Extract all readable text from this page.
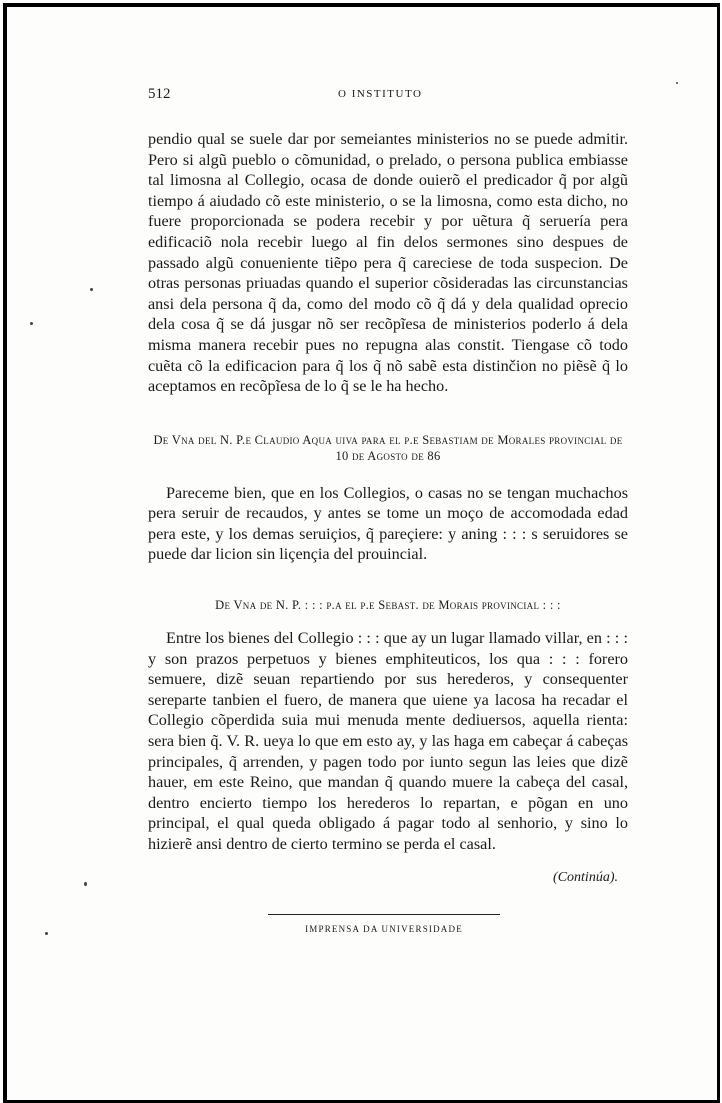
512	O INSTITUTO

pendio qual se suele dar por semeiantes ministerios no se puede admitir. Pero si algũ pueblo o cõmunidad, o prelado, o persona publica embiasse tal limosna al Collegio, ocasa de donde ouierõ el predicador q̃ por algũ tiempo á aiudado cõ este ministerio, o se la limosna, como esta dicho, no fuere proporcionada se podera recebir y por uẽtura q̃ seruería pera edificaciõ nola recebir luego al fin delos sermones sino despues de passado algũ conueniente tiẽpo pera q̃ careciese de toda suspecion. De otras personas priuadas quando el superior cõsideradas las circunstancias ansi dela persona q̃ da, como del modo cõ q̃ dá y dela qualidad oprecio dela cosa q̃ se dá jusgar nõ ser recõpĩesa de ministerios poderlo á dela misma manera recebir pues no repugna alas constit. Tiengase cõ todo cuẽta cõ la edificacion para q̃ los q̃ nõ sabẽ esta distinčion no piẽsẽ q̃ lo aceptamos en recõpĩesa de lo q̃ se le ha hecho.

De Vna del N. P.e Claudio Aqua uiva para el p.e Sebastiam de Morales provincial de 10 de Agosto de 86

Pareceme bien, que en los Collegios, o casas no se tengan muchachos pera seruir de recaudos, y antes se tome un moço de accomodada edad pera este, y los demas seruiçios, q̃ pareçiere: y aning : : : s seruidores se puede dar licion sin liçençia del prouincial.

De Vna de N. P. : : : p.a el p.e Sebast. de Morais provincial : : :

Entre los bienes del Collegio : : : que ay un lugar llamado villar, en : : : y son prazos perpetuos y bienes emphiteuticos, los qua : : : forero semuere, dizẽ seuan repartiendo por sus herederos, y consequenter sereparte tanbien el fuero, de manera que uiene ya lacosa ha recadar el Collegio cõperdida suia mui menuda mente dediuersos, aquella rienta: sera bien q̃. V. R. ueya lo que em esto ay, y las haga em cabeçar á cabeças principales, q̃ arrenden, y pagen todo por iunto segun las leies que dizẽ hauer, em este Reino, que mandan q̃ quando muere la cabeça del casal, dentro encierto tiempo los herederos lo repartan, e põgan en uno principal, el qual queda obligado á pagar todo al senhorio, y sino lo hizierẽ ansi dentro de cierto termino se perda el casal.

(Continúa).
IMPRENSA DA UNIVERSIDADE
